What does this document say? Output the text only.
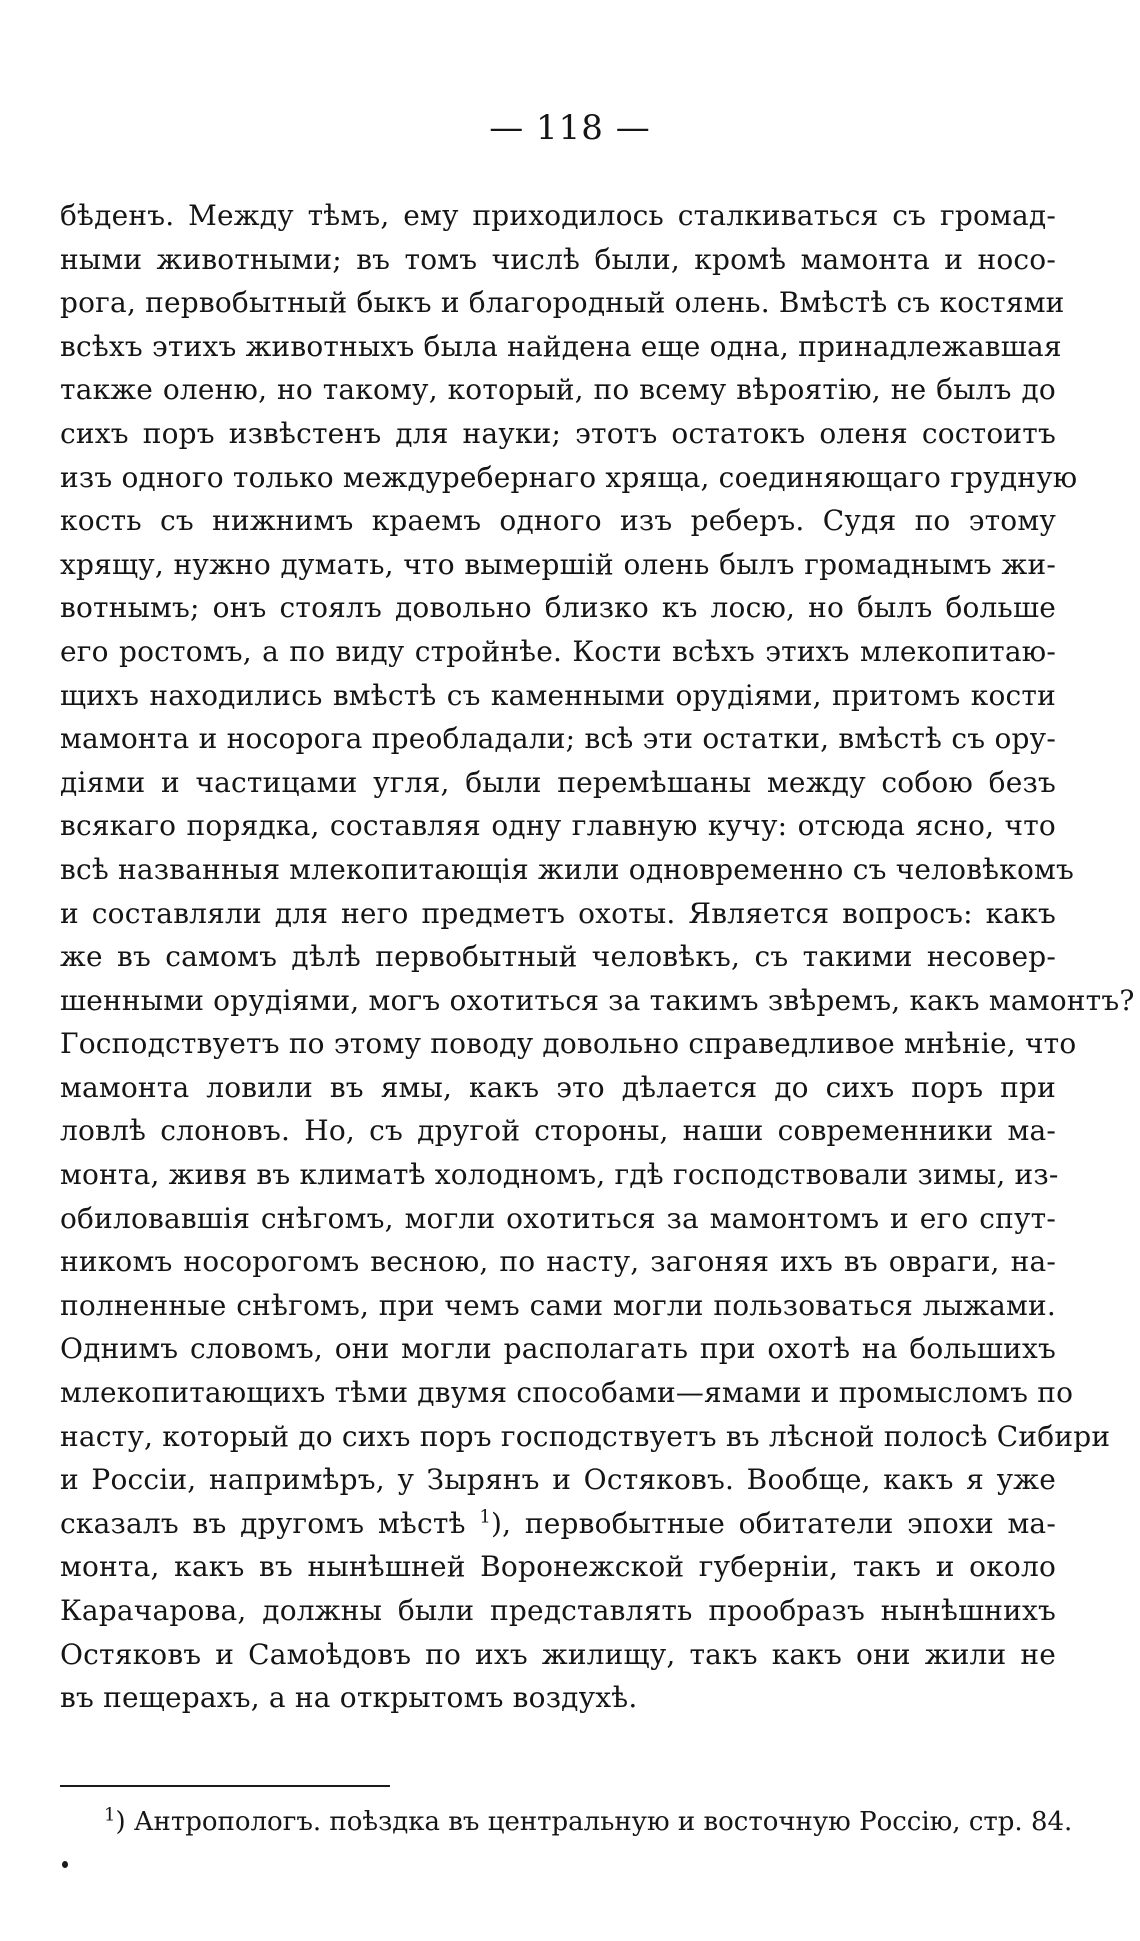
— 118 —
бѣденъ. Между тѣмъ, ему приходилось сталкиваться съ громад-
ными животными; въ томъ числѣ были, кромѣ мамонта и носо-
рога, первобытный быкъ и благородный олень. Вмѣстѣ съ костями
всѣхъ этихъ животныхъ была найдена еще одна, принадлежавшая
также оленю, но такому, который, по всему вѣроятію, не былъ до
сихъ поръ извѣстенъ для науки; этотъ остатокъ оленя состоитъ
изъ одного только междуребернаго хряща, соединяющаго грудную
кость съ нижнимъ краемъ одного изъ реберъ. Судя по этому
хрящу, нужно думать, что вымершій олень былъ громаднымъ жи-
вотнымъ; онъ стоялъ довольно близко къ лосю, но былъ больше
его ростомъ, а по виду стройнѣе. Кости всѣхъ этихъ млекопитаю-
щихъ находились вмѣстѣ съ каменными орудіями, притомъ кости
мамонта и носорога преобладали; всѣ эти остатки, вмѣстѣ съ ору-
діями и частицами угля, были перемѣшаны между собою безъ
всякаго порядка, составляя одну главную кучу: отсюда ясно, что
всѣ названныя млекопитающія жили одновременно съ человѣкомъ
и составляли для него предметъ охоты. Является вопросъ: какъ
же въ самомъ дѣлѣ первобытный человѣкъ, съ такими несовер-
шенными орудіями, могъ охотиться за такимъ звѣремъ, какъ мамонтъ?
Господствуетъ по этому поводу довольно справедливое мнѣніе, что
мамонта ловили въ ямы, какъ это дѣлается до сихъ поръ при
ловлѣ слоновъ. Но, съ другой стороны, наши современники ма-
монта, живя въ климатѣ холодномъ, гдѣ господствовали зимы, из-
обиловавшія снѣгомъ, могли охотиться за мамонтомъ и его спут-
никомъ носорогомъ весною, по насту, загоняя ихъ въ овраги, на-
полненные снѣгомъ, при чемъ сами могли пользоваться лыжами.
Однимъ словомъ, они могли располагать при охотѣ на большихъ
млекопитающихъ тѣми двумя способами—ямами и промысломъ по
насту, который до сихъ поръ господствуетъ въ лѣсной полосѣ Сибири
и Россіи, напримѣръ, у Зырянъ и Остяковъ. Вообще, какъ я уже
сказалъ въ другомъ мѣстѣ $^1$), первобытные обитатели эпохи ма-
монта, какъ въ нынѣшней Воронежской губерніи, такъ и около
Карачарова, должны были представлять прообразъ нынѣшнихъ
Остяковъ и Самоѣдовъ по ихъ жилищу, такъ какъ они жили не
въ пещерахъ, а на открытомъ воздухѣ.
$^1$) Антропологъ. поѣздка въ центральную и восточную Россію, стр. 84.
